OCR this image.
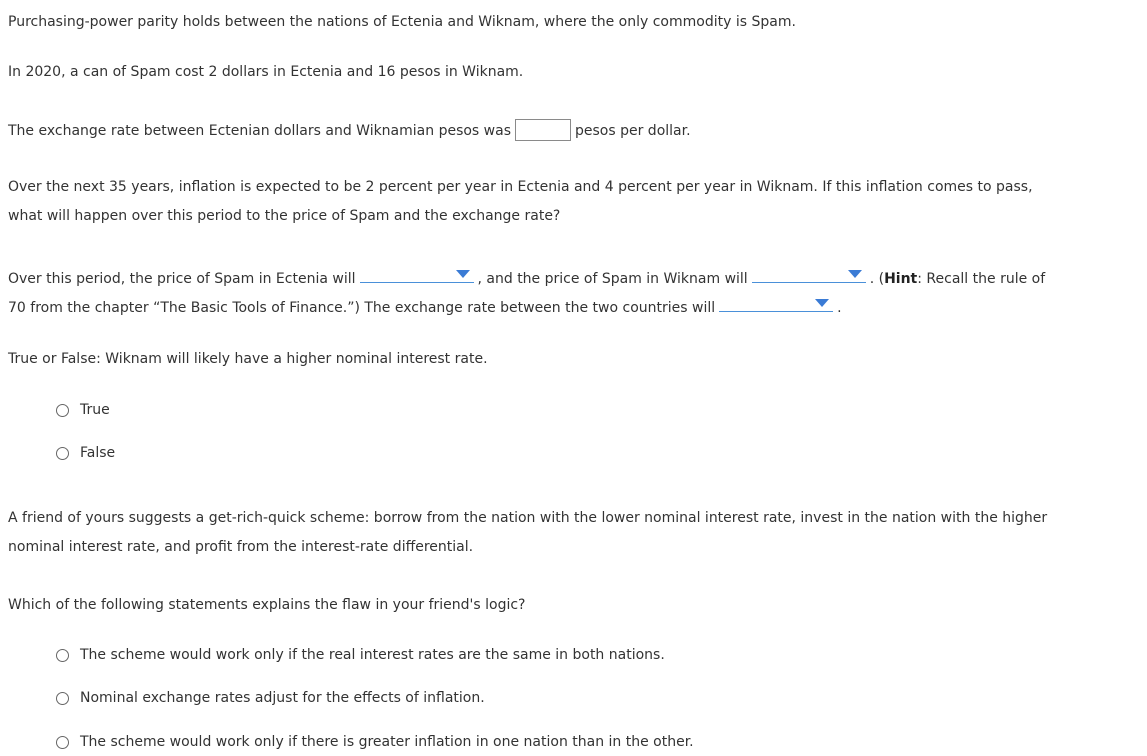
Purchasing-power parity holds between the nations of Ectenia and Wiknam, where the only commodity is Spam.
In 2020, a can of Spam cost 2 dollars in Ectenia and 16 pesos in Wiknam.
The exchange rate between Ectenian dollars and Wiknamian pesos was	pesos per dollar.
Over the next 35 years, inflation is expected to be 2 percent per year in Ectenia and 4 percent per year in Wiknam. If this inflation comes to pass,
what will happen over this period to the price of Spam and the exchange rate?
Over this period, the price of Spam in Ectenia will	, and the price of Spam in Wiknam will	. (Hint: Recall the rule of
70 from the chapter “The Basic Tools of Finance.”) The exchange rate between the two countries will	.
True or False: Wiknam will likely have a higher nominal interest rate.
True
False
A friend of yours suggests a get-rich-quick scheme: borrow from the nation with the lower nominal interest rate, invest in the nation with the higher
nominal interest rate, and profit from the interest-rate differential.
Which of the following statements explains the flaw in your friend's logic?
The scheme would work only if the real interest rates are the same in both nations.
Nominal exchange rates adjust for the effects of inflation.
The scheme would work only if there is greater inflation in one nation than in the other.
